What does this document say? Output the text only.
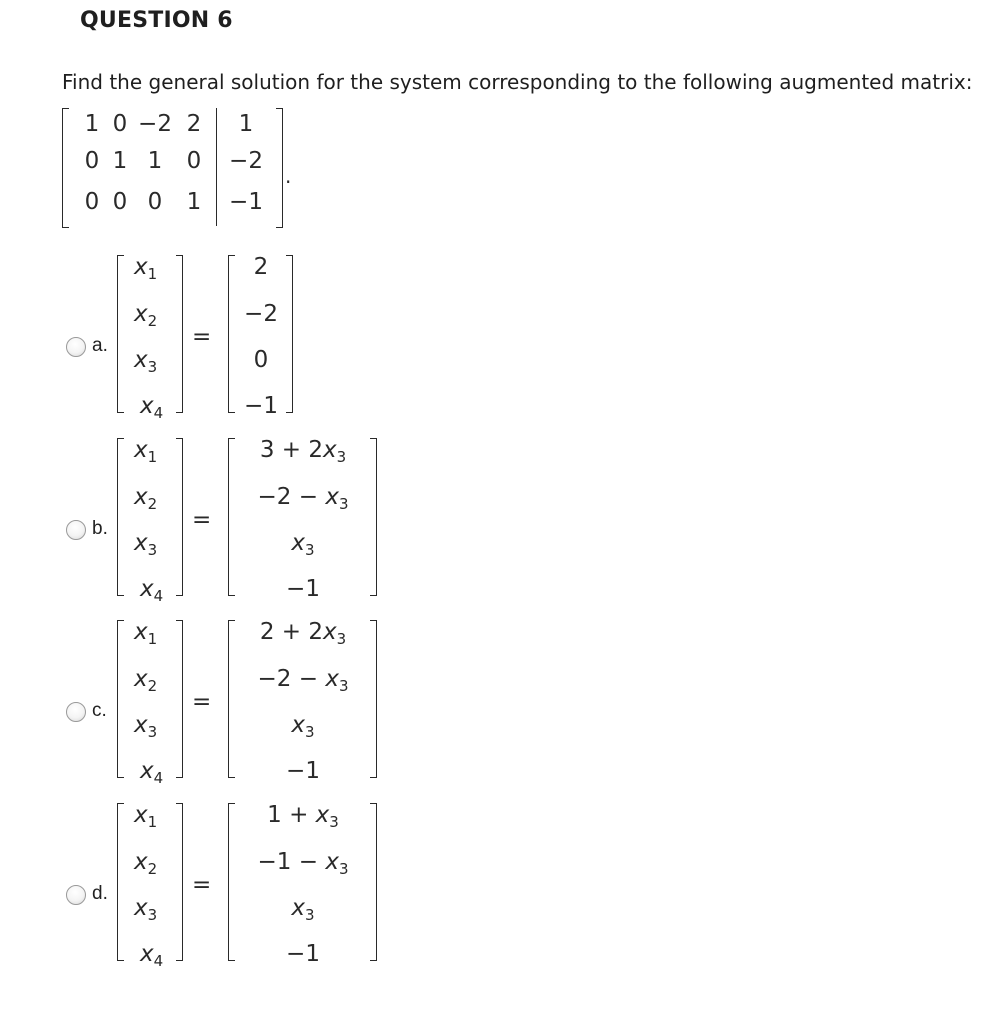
QUESTION 6
Find the general solution for the system corresponding to the following augmented matrix:
1 0 −2 2 1
0 1 1 0 −2
0 0 0 1 −1
.
a.
$x_1$
$x_2$
$x_3$
$x_4$
=
2
−2
0
−1
b.
$x_1$
$x_2$
$x_3$
$x_4$
=
$3 + 2x_3$
$-2 - x_3$
$x_3$
−1
c.
$x_1$
$x_2$
$x_3$
$x_4$
=
$2 + 2x_3$
$-2 - x_3$
$x_3$
−1
d.
$x_1$
$x_2$
$x_3$
$x_4$
=
$1 + x_3$
$-1 - x_3$
$x_3$
−1
